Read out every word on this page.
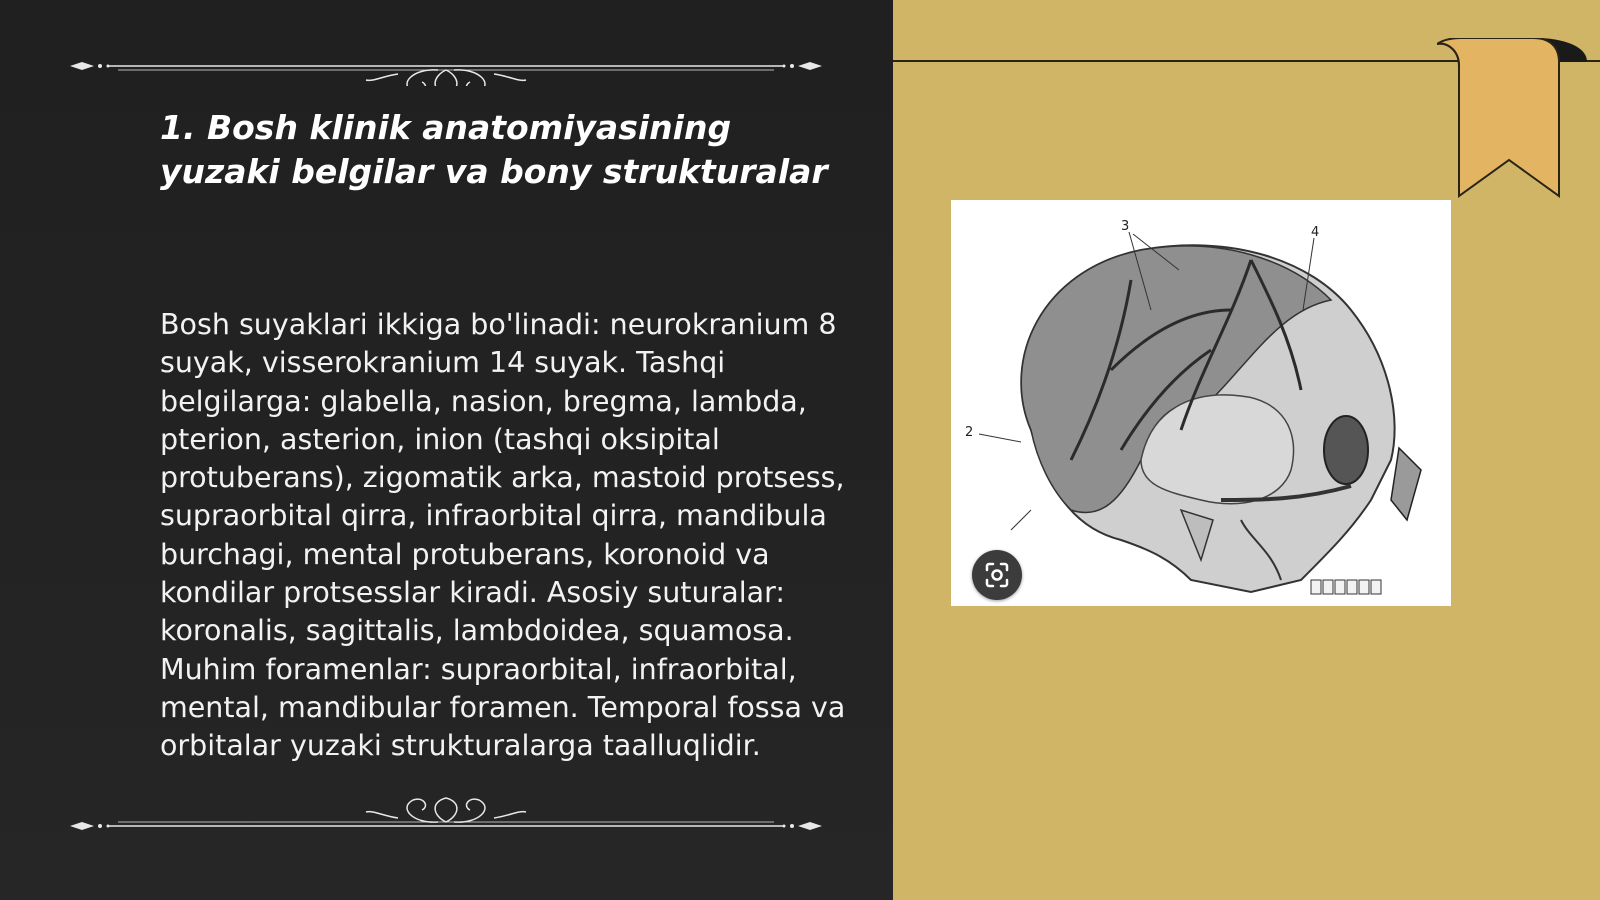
1. Bosh klinik anatomiyasining yuzaki belgilar va bony strukturalar
Bosh suyaklari ikkiga bo'linadi: neurokranium 8 suyak, visserokranium 14 suyak. Tashqi belgilarga: glabella, nasion, bregma, lambda, pterion, asterion, inion (tashqi oksipital protuberans), zigomatik arka, mastoid protsess, supraorbital qirra, infraorbital qirra, mandibula burchagi, mental protuberans, koronoid va kondilar protsesslar kiradi. Asosiy suturalar: koronalis, sagittalis, lambdoidea, squamosa. Muhim foramenlar: supraorbital, infraorbital, mental, mandibular foramen. Temporal fossa va orbitalar yuzaki strukturalarga taalluqlidir.
3	4
2
